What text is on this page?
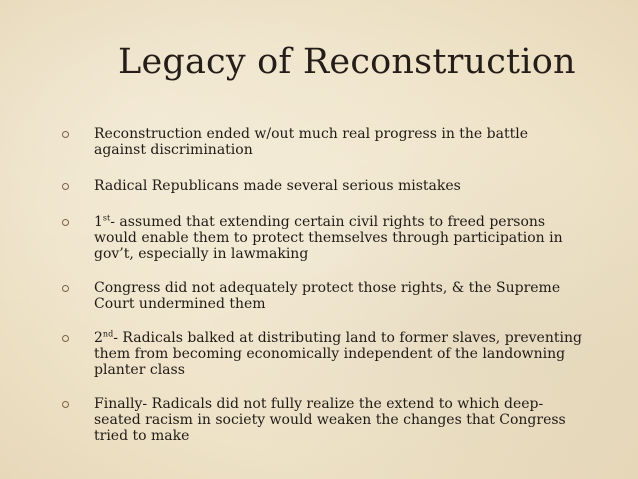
Legacy of Reconstruction
Reconstruction ended w/out much real progress in the battle against discrimination
Radical Republicans made several serious mistakes
1st- assumed that extending certain civil rights to freed persons would enable them to protect themselves through participation in gov’t, especially in lawmaking
Congress did not adequately protect those rights, & the Supreme Court undermined them
2nd- Radicals balked at distributing land to former slaves, preventing them from becoming economically independent of the landowning planter class
Finally- Radicals did not fully realize the extend to which deep-seated racism in society would weaken the changes that Congress tried to make
